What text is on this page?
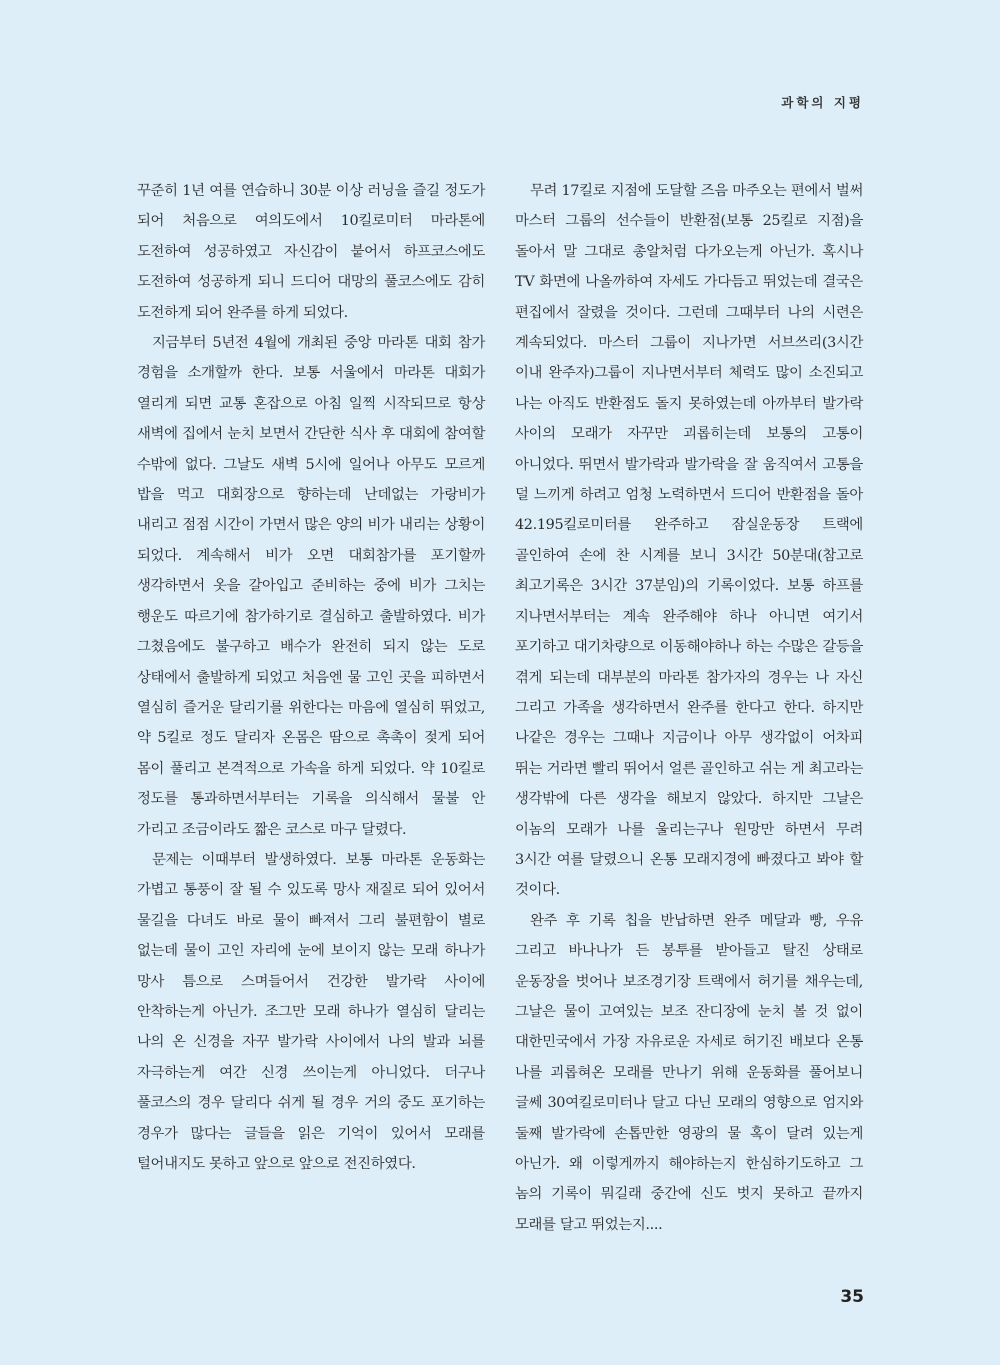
과학의 지평

꾸준히 1년 여를 연습하니 30분 이상 러닝을 즐길 정도가 되어 처음으로 여의도에서 10킬로미터 마라톤에 도전하여 성공하였고 자신감이 붙어서 하프코스에도 도전하여 성공하게 되니 드디어 대망의 풀코스에도 감히 도전하게 되어 완주를 하게 되었다.

지금부터 5년전 4월에 개최된 중앙 마라톤 대회 참가 경험을 소개할까 한다. 보통 서울에서 마라톤 대회가 열리게 되면 교통 혼잡으로 아침 일찍 시작되므로 항상 새벽에 집에서 눈치 보면서 간단한 식사 후 대회에 참여할 수밖에 없다. 그날도 새벽 5시에 일어나 아무도 모르게 밥을 먹고 대회장으로 향하는데 난데없는 가랑비가 내리고 점점 시간이 가면서 많은 양의 비가 내리는 상황이 되었다. 계속해서 비가 오면 대회참가를 포기할까 생각하면서 옷을 갈아입고 준비하는 중에 비가 그치는 행운도 따르기에 참가하기로 결심하고 출발하였다. 비가 그쳤음에도 불구하고 배수가 완전히 되지 않는 도로 상태에서 출발하게 되었고 처음엔 물 고인 곳을 피하면서 열심히 즐거운 달리기를 위한다는 마음에 열심히 뛰었고, 약 5킬로 정도 달리자 온몸은 땀으로 촉촉이 젖게 되어 몸이 풀리고 본격적으로 가속을 하게 되었다. 약 10킬로 정도를 통과하면서부터는 기록을 의식해서 물불 안 가리고 조금이라도 짧은 코스로 마구 달렸다.

문제는 이때부터 발생하였다. 보통 마라톤 운동화는 가볍고 통풍이 잘 될 수 있도록 망사 재질로 되어 있어서 물길을 다녀도 바로 물이 빠져서 그리 불편함이 별로 없는데 물이 고인 자리에 눈에 보이지 않는 모래 하나가 망사 틈으로 스며들어서 건강한 발가락 사이에 안착하는게 아닌가. 조그만 모래 하나가 열심히 달리는 나의 온 신경을 자꾸 발가락 사이에서 나의 발과 뇌를 자극하는게 여간 신경 쓰이는게 아니었다. 더구나 풀코스의 경우 달리다 쉬게 될 경우 거의 중도 포기하는 경우가 많다는 글들을 읽은 기억이 있어서 모래를 털어내지도 못하고 앞으로 앞으로 전진하였다.

무려 17킬로 지점에 도달할 즈음 마주오는 편에서 벌써 마스터 그룹의 선수들이 반환점(보통 25킬로 지점)을 돌아서 말 그대로 총알처럼 다가오는게 아닌가. 혹시나 TV 화면에 나올까하여 자세도 가다듬고 뛰었는데 결국은 편집에서 잘렸을 것이다. 그런데 그때부터 나의 시련은 계속되었다. 마스터 그룹이 지나가면 서브쓰리(3시간 이내 완주자)그룹이 지나면서부터 체력도 많이 소진되고 나는 아직도 반환점도 돌지 못하였는데 아까부터 발가락 사이의 모래가 자꾸만 괴롭히는데 보통의 고통이 아니었다. 뛰면서 발가락과 발가락을 잘 움직여서 고통을 덜 느끼게 하려고 엄청 노력하면서 드디어 반환점을 돌아 42.195킬로미터를 완주하고 잠실운동장 트랙에 골인하여 손에 찬 시계를 보니 3시간 50분대(참고로 최고기록은 3시간 37분임)의 기록이었다. 보통 하프를 지나면서부터는 계속 완주해야 하나 아니면 여기서 포기하고 대기차량으로 이동해야하나 하는 수많은 갈등을 겪게 되는데 대부분의 마라톤 참가자의 경우는 나 자신 그리고 가족을 생각하면서 완주를 한다고 한다. 하지만 나같은 경우는 그때나 지금이나 아무 생각없이 어차피 뛰는 거라면 빨리 뛰어서 얼른 골인하고 쉬는 게 최고라는 생각밖에 다른 생각을 해보지 않았다. 하지만 그날은 이놈의 모래가 나를 울리는구나 원망만 하면서 무려 3시간 여를 달렸으니 온통 모래지경에 빠졌다고 봐야 할 것이다.

완주 후 기록 칩을 반납하면 완주 메달과 빵, 우유 그리고 바나나가 든 봉투를 받아들고 탈진 상태로 운동장을 벗어나 보조경기장 트랙에서 허기를 채우는데, 그날은 물이 고여있는 보조 잔디장에 눈치 볼 것 없이 대한민국에서 가장 자유로운 자세로 허기진 배보다 온통 나를 괴롭혀온 모래를 만나기 위해 운동화를 풀어보니 글쎄 30여킬로미터나 달고 다닌 모래의 영향으로 엄지와 둘째 발가락에 손톱만한 영광의 물 혹이 달려 있는게 아닌가. 왜 이렇게까지 해야하는지 한심하기도하고 그 놈의 기록이 뭐길래 중간에 신도 벗지 못하고 끝까지 모래를 달고 뛰었는지....

35
